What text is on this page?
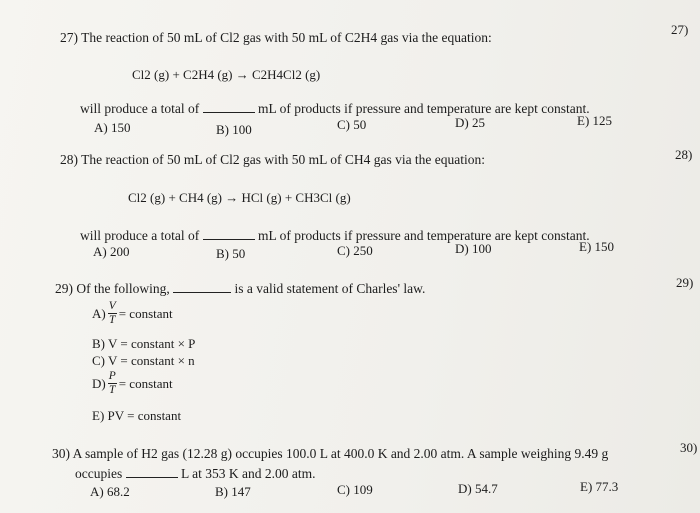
27)
28)
29)
30)
27) The reaction of 50 mL of Cl2 gas with 50 mL of C2H4 gas via the equation:
Cl2 (g) + C2H4 (g) → C2H4Cl2 (g)
will produce a total of	mL of products if pressure and temperature are kept constant.
A) 150	B) 100	C) 50	D) 25	E) 125
28) The reaction of 50 mL of Cl2 gas with 50 mL of CH4 gas via the equation:
Cl2 (g) + CH4 (g) → HCl (g) + CH3Cl (g)
will produce a total of	mL of products if pressure and temperature are kept constant.
A) 200	B) 50	C) 250	D) 100	E) 150
29) Of the following,	is a valid statement of Charles' law.
$A) \frac{V}{T}$ = constant
B) V = constant × P
C) V = constant × n
$D) \frac{P}{T}$ = constant
E) PV = constant
30) A sample of H2 gas (12.28 g) occupies 100.0 L at 400.0 K and 2.00 atm. A sample weighing 9.49 g
occupies	L at 353 K and 2.00 atm.
A) 68.2	B) 147	C) 109	D) 54.7	E) 77.3
